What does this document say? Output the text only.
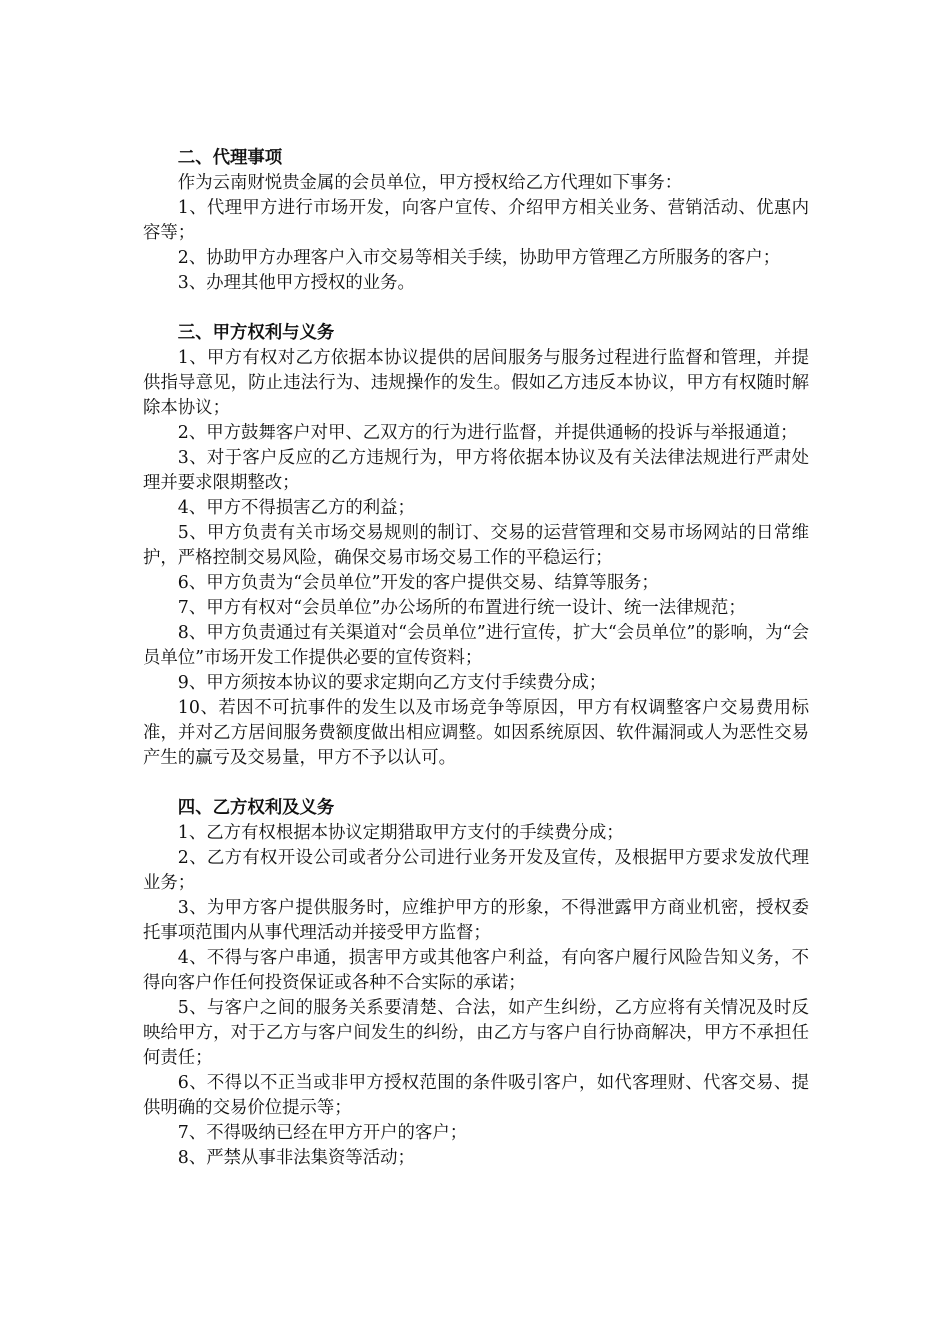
二、代理事项

作为云南财悦贵金属的会员单位，甲方授权给乙方代理如下事务：

1、代理甲方进行市场开发，向客户宣传、介绍甲方相关业务、营销活动、优惠内容等；

2、协助甲方办理客户入市交易等相关手续，协助甲方管理乙方所服务的客户；

3、办理其他甲方授权的业务。

三、甲方权利与义务

1、甲方有权对乙方依据本协议提供的居间服务与服务过程进行监督和管理，并提供指导意见，防止违法行为、违规操作的发生。假如乙方违反本协议，甲方有权随时解除本协议；

2、甲方鼓舞客户对甲、乙双方的行为进行监督，并提供通畅的投诉与举报通道；

3、对于客户反应的乙方违规行为，甲方将依据本协议及有关法律法规进行严肃处理并要求限期整改；

4、甲方不得损害乙方的利益；

5、甲方负责有关市场交易规则的制订、交易的运营管理和交易市场网站的日常维护，严格控制交易风险，确保交易市场交易工作的平稳运行；

6、甲方负责为“会员单位”开发的客户提供交易、结算等服务；

7、甲方有权对“会员单位”办公场所的布置进行统一设计、统一法律规范；

8、甲方负责通过有关渠道对“会员单位”进行宣传，扩大“会员单位”的影响，为“会员单位”市场开发工作提供必要的宣传资料；

9、甲方须按本协议的要求定期向乙方支付手续费分成；

10、若因不可抗事件的发生以及市场竞争等原因，甲方有权调整客户交易费用标准，并对乙方居间服务费额度做出相应调整。如因系统原因、软件漏洞或人为恶性交易产生的赢亏及交易量，甲方不予以认可。

四、乙方权利及义务

1、乙方有权根据本协议定期猎取甲方支付的手续费分成；

2、乙方有权开设公司或者分公司进行业务开发及宣传，及根据甲方要求发放代理业务；

3、为甲方客户提供服务时，应维护甲方的形象，不得泄露甲方商业机密，授权委托事项范围内从事代理活动并接受甲方监督；

4、不得与客户串通，损害甲方或其他客户利益，有向客户履行风险告知义务，不得向客户作任何投资保证或各种不合实际的承诺；

5、与客户之间的服务关系要清楚、合法，如产生纠纷，乙方应将有关情况及时反映给甲方，对于乙方与客户间发生的纠纷，由乙方与客户自行协商解决，甲方不承担任何责任；

6、不得以不正当或非甲方授权范围的条件吸引客户，如代客理财、代客交易、提供明确的交易价位提示等；

7、不得吸纳已经在甲方开户的客户；

8、严禁从事非法集资等活动；
